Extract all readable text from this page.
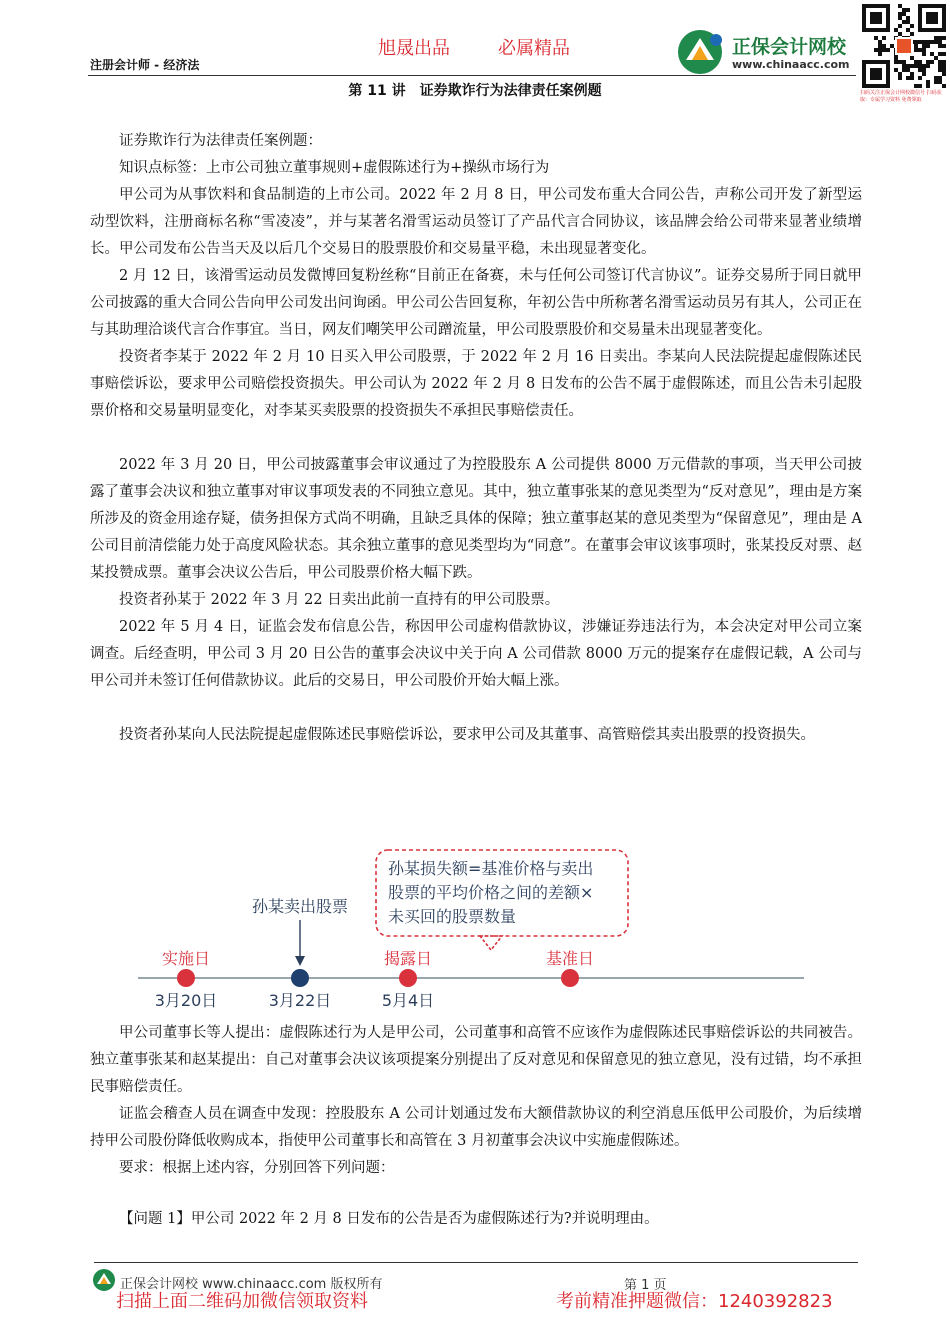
旭晟出品	必属精品
注册会计师 - 经济法
正保会计网校
www.chinaacc.com
扫码关注正保会计网校微信号 扫码获取：专属学习资料 免费领取
第 11 讲　证券欺诈行为法律责任案例题

证券欺诈行为法律责任案例题：

知识点标签：上市公司独立董事规则+虚假陈述行为+操纵市场行为

甲公司为从事饮料和食品制造的上市公司。2022 年 2 月 8 日，甲公司发布重大合同公告，声称公司开发了新型运动型饮料，注册商标名称“雪凌凌”，并与某著名滑雪运动员签订了产品代言合同协议，该品牌会给公司带来显著业绩增长。甲公司发布公告当天及以后几个交易日的股票股价和交易量平稳，未出现显著变化。

2 月 12 日，该滑雪运动员发微博回复粉丝称“目前正在备赛，未与任何公司签订代言协议”。证券交易所于同日就甲公司披露的重大合同公告向甲公司发出问询函。甲公司公告回复称，年初公告中所称著名滑雪运动员另有其人，公司正在与其助理洽谈代言合作事宜。当日，网友们嘲笑甲公司蹭流量，甲公司股票股价和交易量未出现显著变化。

投资者李某于 2022 年 2 月 10 日买入甲公司股票，于 2022 年 2 月 16 日卖出。李某向人民法院提起虚假陈述民事赔偿诉讼，要求甲公司赔偿投资损失。甲公司认为 2022 年 2 月 8 日发布的公告不属于虚假陈述，而且公告未引起股票价格和交易量明显变化，对李某买卖股票的投资损失不承担民事赔偿责任。

2022 年 3 月 20 日，甲公司披露董事会审议通过了为控股股东 A 公司提供 8000 万元借款的事项，当天甲公司披露了董事会决议和独立董事对审议事项发表的不同独立意见。其中，独立董事张某的意见类型为“反对意见”，理由是方案所涉及的资金用途存疑，债务担保方式尚不明确，且缺乏具体的保障；独立董事赵某的意见类型为“保留意见”，理由是 A 公司目前清偿能力处于高度风险状态。其余独立董事的意见类型均为“同意”。在董事会审议该事项时，张某投反对票、赵某投赞成票。董事会决议公告后，甲公司股票价格大幅下跌。

投资者孙某于 2022 年 3 月 22 日卖出此前一直持有的甲公司股票。

2022 年 5 月 4 日，证监会发布信息公告，称因甲公司虚构借款协议，涉嫌证券违法行为，本会决定对甲公司立案调查。后经查明，甲公司 3 月 20 日公告的董事会决议中关于向 A 公司借款 8000 万元的提案存在虚假记载，A 公司与甲公司并未签订任何借款协议。此后的交易日，甲公司股价开始大幅上涨。

投资者孙某向人民法院提起虚假陈述民事赔偿诉讼，要求甲公司及其董事、高管赔偿其卖出股票的投资损失。

孙某损失额=基准价格与卖出
股票的平均价格之间的差额×
未买回的股票数量
孙某卖出股票
实施日
3月20日	3月22日
揭露日
5月4日
基准日

甲公司董事长等人提出：虚假陈述行为人是甲公司，公司董事和高管不应该作为虚假陈述民事赔偿诉讼的共同被告。独立董事张某和赵某提出：自己对董事会决议该项提案分别提出了反对意见和保留意见的独立意见，没有过错，均不承担民事赔偿责任。

证监会稽查人员在调查中发现：控股股东 A 公司计划通过发布大额借款协议的利空消息压低甲公司股价，为后续增持甲公司股份降低收购成本，指使甲公司董事长和高管在 3 月初董事会决议中实施虚假陈述。

要求：根据上述内容，分别回答下列问题：

【问题 1】甲公司 2022 年 2 月 8 日发布的公告是否为虚假陈述行为?并说明理由。

正保会计网校 www.chinaacc.com 版权所有	第 1 页
扫描上面二维码加微信领取资料	考前精准押题微信：1240392823
